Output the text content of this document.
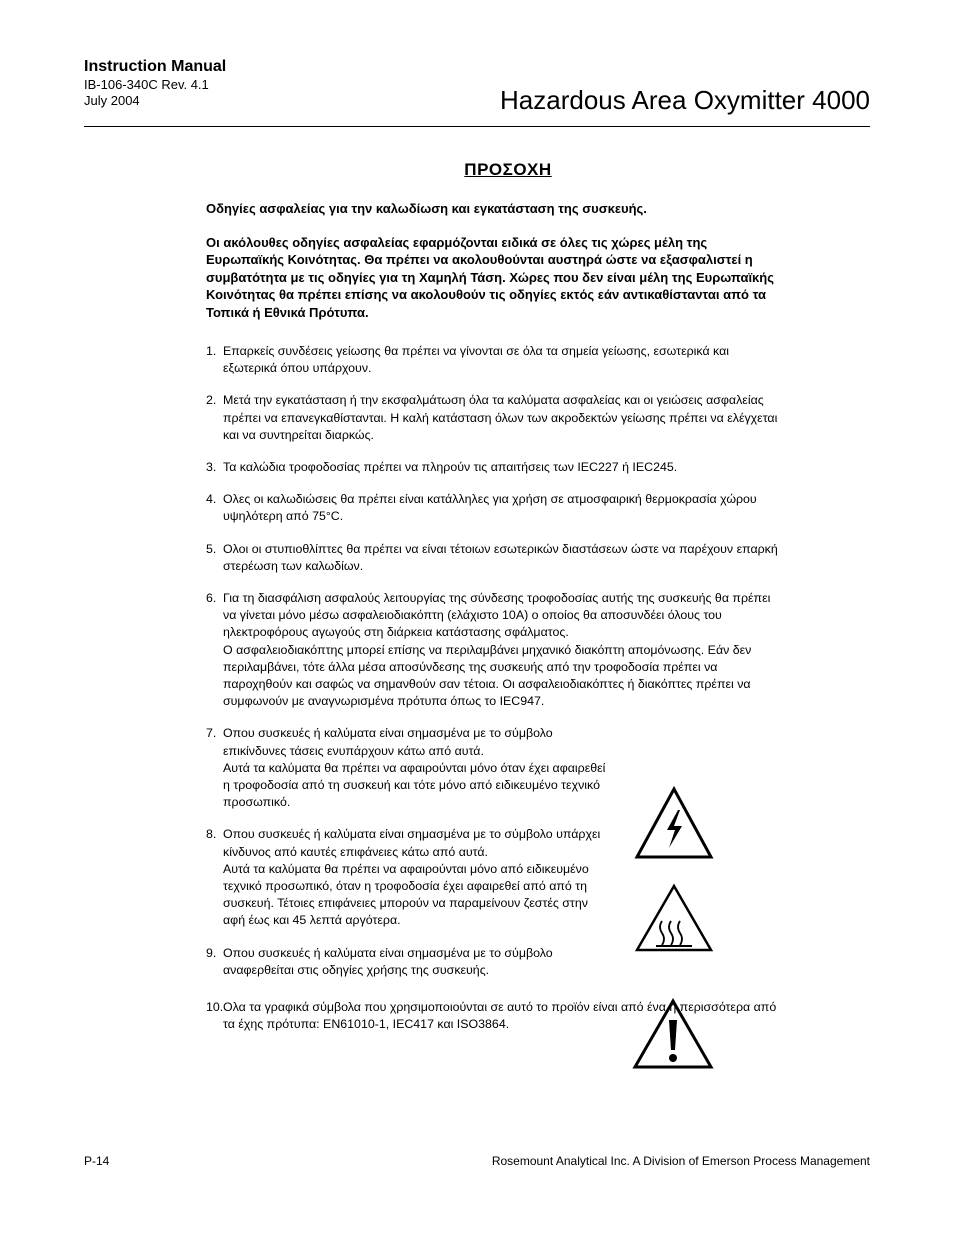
Instruction Manual
IB-106-340C Rev. 4.1
July 2004	Hazardous Area Oxymitter 4000
ΠΡΟΣΟΧΗ

Οδηγίες ασφαλείας για την καλωδίωση και εγκατάσταση της συσκευής.

Οι ακόλουθες οδηγίες ασφαλείας εφαρμόζονται ειδικά σε όλες τις χώρες μέλη της Ευρωπαϊκής Κοινότητας. Θα πρέπει να ακολουθούνται αυστηρά ώστε να εξασφαλιστεί η συμβατότητα με τις οδηγίες για τη Χαμηλή Τάση. Χώρες που δεν είναι μέλη της Ευρωπαϊκής Κοινότητας θα πρέπει επίσης να ακολουθούν τις οδηγίες εκτός εάν αντικαθίστανται από τα Τοπικά ή Εθνικά Πρότυπα.

1. Επαρκείς συνδέσεις γείωσης θα πρέπει να γίνονται σε όλα τα σημεία γείωσης, εσωτερικά και εξωτερικά όπου υπάρχουν.
2. Μετά την εγκατάσταση ή την εκσφαλμάτωση όλα τα καλύματα ασφαλείας και οι γειώσεις ασφαλείας πρέπει να επανεγκαθίστανται. Η καλή κατάσταση όλων των ακροδεκτών γείωσης πρέπει να ελέγχεται και να συντηρείται διαρκώς.
3. Τα καλώδια τροφοδοσίας πρέπει να πληρούν τις απαιτήσεις των IEC227 ή IEC245.
4. Ολες οι καλωδιώσεις θα πρέπει είναι κατάλληλες για χρήση σε ατμοσφαιρική θερμοκρασία χώρου υψηλότερη από 75°C.
5. Ολοι οι στυπιοθλίπτες θα πρέπει να είναι τέτοιων εσωτερικών διαστάσεων ώστε να παρέχουν επαρκή στερέωση των καλωδίων.
6. Για τη διασφάλιση ασφαλούς λειτουργίας της σύνδεσης τροφοδοσίας αυτής της συσκευής θα πρέπει να γίνεται μόνο μέσω ασφαλειοδιακόπτη (ελάχιστο 10Α) ο οποίος θα αποσυνδέει όλους του ηλεκτροφόρους αγωγούς στη διάρκεια κατάστασης σφάλματος.
Ο ασφαλειοδιακόπτης μπορεί επίσης να περιλαμβάνει μηχανικό διακόπτη απομόνωσης. Εάν δεν περιλαμβάνει, τότε άλλα μέσα αποσύνδεσης της συσκευής από την τροφοδοσία πρέπει να παροχηθούν και σαφώς να σημανθούν σαν τέτοια. Οι ασφαλειοδιακόπτες ή διακόπτες πρέπει να συμφωνούν με αναγνωρισμένα πρότυπα όπως το IEC947.
7. Οπου συσκευές ή καλύματα είναι σημασμένα με το σύμβολο επικίνδυνες τάσεις ενυπάρχουν κάτω από αυτά.
Αυτά τα καλύματα θα πρέπει να αφαιρούνται μόνο όταν έχει αφαιρεθεί η τροφοδοσία από τη συσκευή και τότε μόνο από ειδικευμένο τεχνικό προσωπικό.
8. Οπου συσκευές ή καλύματα είναι σημασμένα με το σύμβολο υπάρχει κίνδυνος από καυτές επιφάνειες κάτω από αυτά.
Αυτά τα καλύματα θα πρέπει να αφαιρούνται μόνο από ειδικευμένο τεχνικό προσωπικό, όταν η τροφοδοσία έχει αφαιρεθεί από από τη συσκευή. Τέτοιες επιφάνειες μπορούν να παραμείνουν ζεστές στην αφή έως και 45 λεπτά αργότερα.
9. Οπου συσκευές ή καλύματα είναι σημασμένα με το σύμβολο αναφερθείται στις οδηγίες χρήσης της συσκευής.
10. Ολα τα γραφικά σύμβολα που χρησιμοποιούνται σε αυτό το προϊόν είναι από ένα ή περισσότερα από τα έχης πρότυπα: EN61010-1, IEC417 και ISO3864.
P-14	Rosemount Analytical Inc. A Division of Emerson Process Management
